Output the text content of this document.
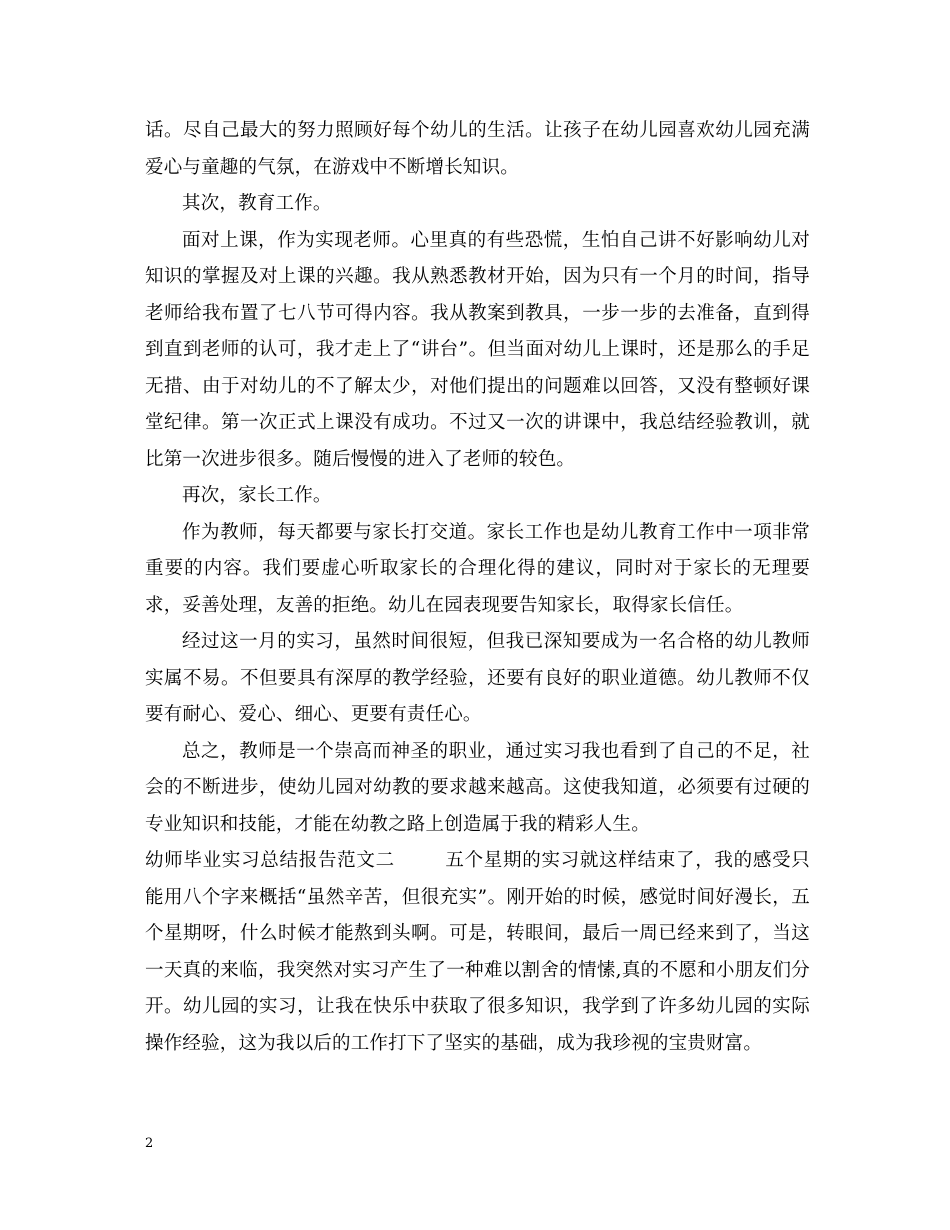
话。尽自己最大的努力照顾好每个幼儿的生活。让孩子在幼儿园喜欢幼儿园充满爱心与童趣的气氛，在游戏中不断增长知识。

其次，教育工作。

面对上课，作为实现老师。心里真的有些恐慌，生怕自己讲不好影响幼儿对知识的掌握及对上课的兴趣。我从熟悉教材开始，因为只有一个月的时间，指导老师给我布置了七八节可得内容。我从教案到教具，一步一步的去准备，直到得到直到老师的认可，我才走上了“讲台”。但当面对幼儿上课时，还是那么的手足无措、由于对幼儿的不了解太少，对他们提出的问题难以回答，又没有整顿好课堂纪律。第一次正式上课没有成功。不过又一次的讲课中，我总结经验教训，就比第一次进步很多。随后慢慢的进入了老师的较色。

再次，家长工作。

作为教师，每天都要与家长打交道。家长工作也是幼儿教育工作中一项非常重要的内容。我们要虚心听取家长的合理化得的建议，同时对于家长的无理要求，妥善处理，友善的拒绝。幼儿在园表现要告知家长，取得家长信任。

经过这一月的实习，虽然时间很短，但我已深知要成为一名合格的幼儿教师实属不易。不但要具有深厚的教学经验，还要有良好的职业道德。幼儿教师不仅要有耐心、爱心、细心、更要有责任心。

总之，教师是一个崇高而神圣的职业，通过实习我也看到了自己的不足，社会的不断进步，使幼儿园对幼教的要求越来越高。这使我知道，必须要有过硬的专业知识和技能，才能在幼教之路上创造属于我的精彩人生。

幼师毕业实习总结报告范文二	五个星期的实习就这样结束了，我的感受只能用八个字来概括“虽然辛苦，但很充实”。刚开始的时候，感觉时间好漫长，五个星期呀，什么时候才能熬到头啊。可是，转眼间，最后一周已经来到了，当这一天真的来临，我突然对实习产生了一种难以割舍的情愫,真的不愿和小朋友们分开。幼儿园的实习，让我在快乐中获取了很多知识，我学到了许多幼儿园的实际操作经验，这为我以后的工作打下了坚实的基础，成为我珍视的宝贵财富。

2
